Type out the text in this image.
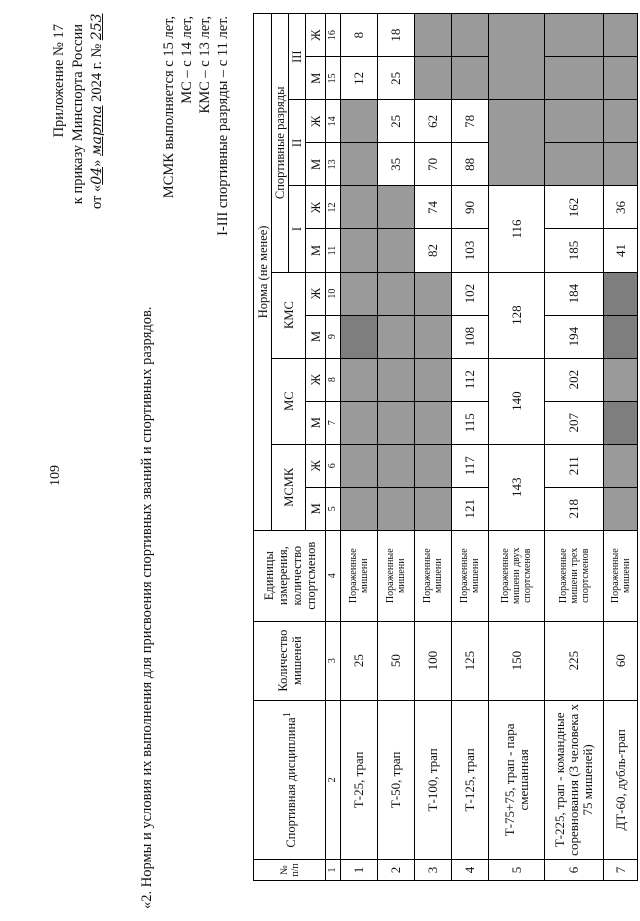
109
Приложение № 17 к приказу Минспорта России от «04» марта 2024 г. № 253
«2. Нормы и условия их выполнения для присвоения спортивных званий и спортивных разрядов.
МСМК выполняется с 15 лет, МС – с 14 лет, КМС – с 13 лет, I-III спортивные разряды – с 11 лет.
№ п/п	Спортивная дисциплина$^1$	Количество мишеней	Единицы измерения, количество спортсменов	Норма (не менее)											
				МСМК		МС		КМС		Спортивные разряды					
										I		II		III	
				М	Ж	М	Ж	М	Ж	М	Ж	М	Ж	М	Ж
1	2	3	4	5	6	7	8	9	10	11	12	13	14	15	16
1	Т-25, трап	25	Пораженные мишени											12	8
2	Т-50, трап	50	Пораженные мишени									35	25	25	18
3	Т-100, трап	100	Пораженные мишени							82	74	70	62		
4	Т-125, трап	125	Пораженные мишени	121	117	115	112	108	102	103	90	88	78		
5	Т-75+75, трап - пара смешанная	150	Пораженные мишени двух спортсменов	143		140		128		116					
6	Т-225, трап - командные соревнования (3 человека х 75 мишеней)	225	Пораженные мишени трех спортсменов	218	211	207	202	194	184	185	162				
7	ДТ-60, дубль-трап	60	Пораженные мишени							41	36				
